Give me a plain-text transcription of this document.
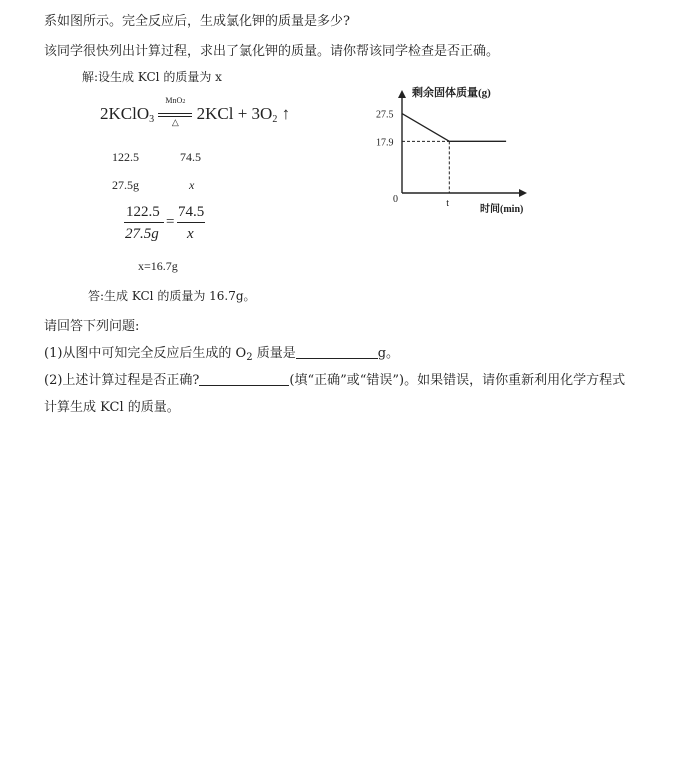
系如图所示。完全反应后，生成氯化钾的质量是多少?
该同学很快列出计算过程，求出了氯化钾的质量。请你帮该同学检查是否正确。
解:设生成 KCl 的质量为 x
2KClO$_3$
MnO2
△	$2KCl + 3O_2$ ↑
122.5	74.5
27.5g	x
122.5
27.5g
=
74.5
x
x=16.7g
答:生成 KCl 的质量为 16.7g。
请回答下列问题:
(1)从图中可知完全反应后生成的 $O_2$ 质量是	g。
(2)上述计算过程是否正确?	(填“正确”或“错误”)。如果错误，请你重新利用化学方程式
计算生成 KCl 的质量。
剩余固体质量(g)
时间(min)
0
27.5
17.9
t
